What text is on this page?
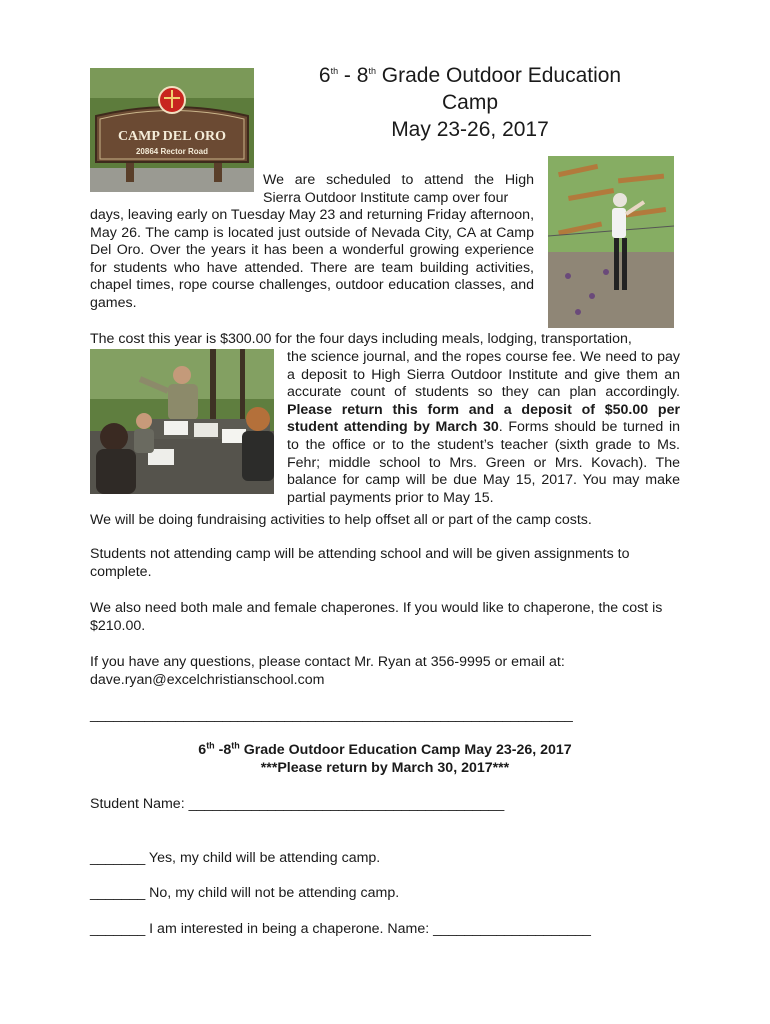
6th - 8th Grade Outdoor Education
Camp
May 23-26, 2017
CAMP DEL ORO
20864 Rector Road
We are scheduled to attend the High Sierra Outdoor Institute camp over four
days, leaving early on Tuesday May 23 and returning Friday afternoon, May 26. The camp is located just outside of Nevada City, CA at Camp Del Oro. Over the years it has been a wonderful growing experience for students who have attended. There are team building activities, chapel times, rope course challenges, outdoor education classes, and games.
The cost this year is $300.00 for the four days including meals, lodging, transportation,
the science journal, and the ropes course fee. We need to pay a deposit to High Sierra Outdoor Institute and give them an accurate count of students so they can plan accordingly. Please return this form and a deposit of $50.00 per student attending by March 30. Forms should be turned in to the office or to the student’s teacher (sixth grade to Ms. Fehr; middle school to Mrs. Green or Mrs. Kovach). The balance for camp will be due May 15, 2017. You may make partial payments prior to May 15.
We will be doing fundraising activities to help offset all or part of the camp costs.
Students not attending camp will be attending school and will be given assignments to complete.
We also need both male and female chaperones. If you would like to chaperone, the cost is $210.00.
If you have any questions, please contact Mr. Ryan at 356-9995 or email at:
dave.ryan@excelchristianschool.com
______________________________________________________________
6th -8th Grade Outdoor Education Camp May 23-26, 2017
***Please return by March 30, 2017***
Student Name: ________________________________________
_______ Yes, my child will be attending camp.
_______ No, my child will not be attending camp.
_______ I am interested in being a chaperone. Name: ____________________
